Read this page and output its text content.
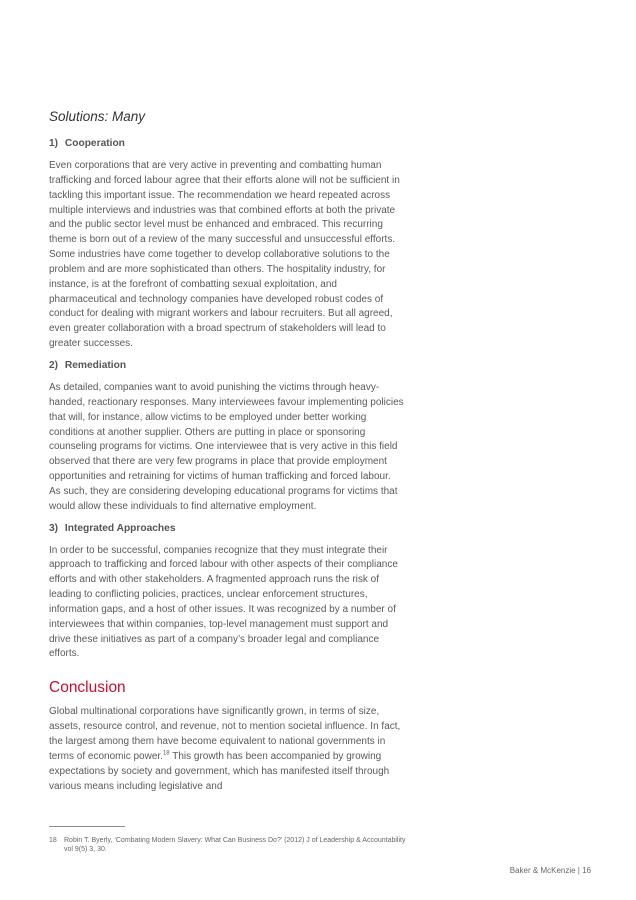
Solutions: Many
1) Cooperation

Even corporations that are very active in preventing and combatting human trafficking and forced labour agree that their efforts alone will not be sufficient in tackling this important issue. The recommendation we heard repeated across multiple interviews and industries was that combined efforts at both the private and the public sector level must be enhanced and embraced. This recurring theme is born out of a review of the many successful and unsuccessful efforts. Some industries have come together to develop collaborative solutions to the problem and are more sophisticated than others. The hospitality industry, for instance, is at the forefront of combatting sexual exploitation, and pharmaceutical and technology companies have developed robust codes of conduct for dealing with migrant workers and labour recruiters. But all agreed, even greater collaboration with a broad spectrum of stakeholders will lead to greater successes.

2) Remediation

As detailed, companies want to avoid punishing the victims through heavy-handed, reactionary responses. Many interviewees favour implementing policies that will, for instance, allow victims to be employed under better working conditions at another supplier. Others are putting in place or sponsoring counseling programs for victims. One interviewee that is very active in this field observed that there are very few programs in place that provide employment opportunities and retraining for victims of human trafficking and forced labour. As such, they are considering developing educational programs for victims that would allow these individuals to find alternative employment.

3) Integrated Approaches

In order to be successful, companies recognize that they must integrate their approach to trafficking and forced labour with other aspects of their compliance efforts and with other stakeholders. A fragmented approach runs the risk of leading to conflicting policies, practices, unclear enforcement structures, information gaps, and a host of other issues. It was recognized by a number of interviewees that within companies, top-level management must support and drive these initiatives as part of a company’s broader legal and compliance efforts.

Conclusion

Global multinational corporations have significantly grown, in terms of size, assets, resource control, and revenue, not to mention societal influence. In fact, the largest among them have become equivalent to national governments in terms of economic power.$^{18}$ This growth has been accompanied by growing expectations by society and government, which has manifested itself through various means including legislative and

18 Robin T. Byerly, ‘Combating Modern Slavery: What Can Business Do?’ (2012) J of Leadership & Accountability vol 9(5) 3, 30.
Baker & McKenzie | 16
